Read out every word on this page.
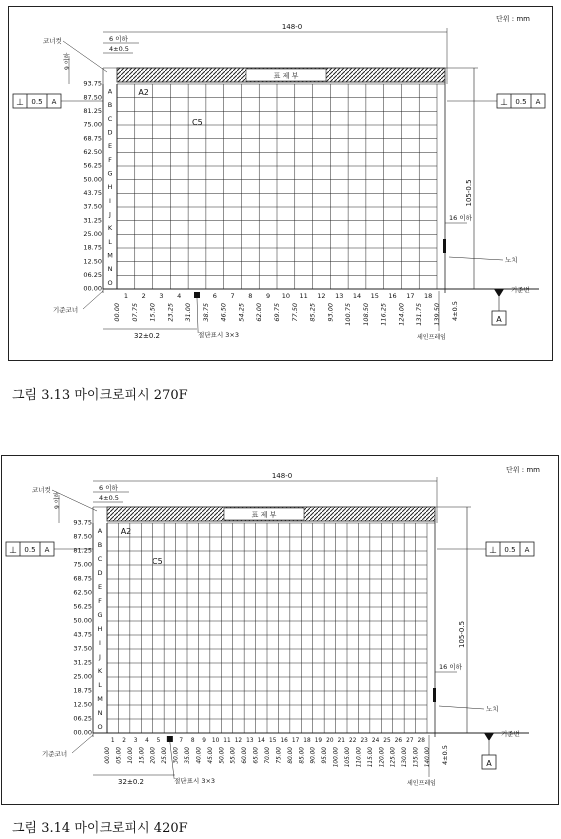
단위 : mm
표 제 부
A
B
C
D
E
F
G
H
I
J
K
L
M
N
O
93.75
87.50
81.25
75.00
68.75
62.50
56.25
50.00
43.75
37.50
31.25
25.00
18.75
12.50
06.25
00.00
1 2 3 4	6 7 8 9 10 11 12 13 14 15 16 17 18
00.00 07.75 15.50 23.25 31.00 38.75 46.50 54.25 62.00 69.75 77.50 85.25 93.00 100.75 108.50 116.25 124.00 131.75 139.50
A2
C5
148-0
코너컷	6 이하
4±0.5
9 이하
⊥ 0.5 A	⊥ 0.5 A
105-0.5
16 이하
노치
기준변
A
4±0.5
기준코너
32±0.2	절단표시 3×3	세인프레임
그림 3.13 마이크로피시 270F
단위 : mm
표 제 부
A
B
C
D
E
F
G
H
I
J
K
L
M
N
O
93.75
87.50
81.25
75.00
68.75
62.50
56.25
50.00
43.75
37.50
31.25
25.00
18.75
12.50
06.25
00.00
1 2 3 4 5	7 8 9 10 11 12 13 14 15 16 17 18 19 20 21 22 23 24 25 26 27 28
00.00 05.00 10.00 15.00 20.00 25.00 30.00 35.00 40.00 45.00 50.00 55.00 60.00 65.00 70.00 75.00 80.00 85.00 90.00 95.00 100.00 105.00 110.00 115.00 120.00 125.00 130.00 135.00 140.00
A2
C5
148-0
코너컷	6 이하
4±0.5
9 이하
⊥ 0.5 A	⊥ 0.5 A
105-0.5
16 이하
노치
기준변
A
4±0.5
기준코너
32±0.2	절단표시 3×3	세인프레임
그림 3.14 마이크로피시 420F
